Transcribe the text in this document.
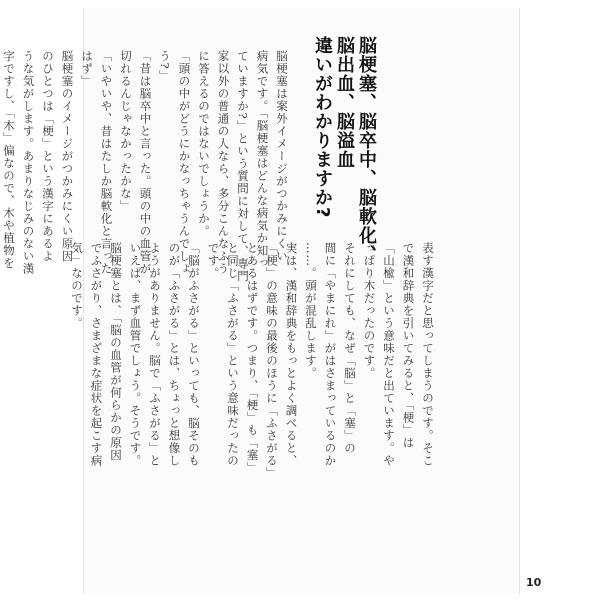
脳梗塞、脳卒中、脳軟化、
脳出血、脳溢血
違いがわかりますか?
脳梗塞は案外イメージがつかみにくい
病気です。「脳梗塞はどんな病気か知っ
ていますか?」という質問に対して、専門
家以外の普通の人なら、多分こんなふう
に答えるのではないでしょうか。
「頭の中がどうにかなっちゃうんでしょ
う?」
「昔は脳卒中と言った。頭の中の血管が
切れるんじゃなかったかな」
「いやいや、昔はたしか脳軟化と言った
はず」
脳梗塞のイメージがつかみにくい原因
のひとつは「梗」という漢字にあるよ
うな気がします。あまりなじみのない漢
字ですし、「木」偏なので、木や植物を
表す漢字だと思ってしまうのです。そこ
で漢和辞典を引いてみると、「梗」は
「山楡」という意味だと出ています。や
っぱり木だったのです。
それにしても、なぜ「脳」と「塞」の
間に「やまにれ」がはさまっているのか
……。頭が混乱します。
実は、漢和辞典をもっとよく調べると、
「梗」の意味の最後のほうに「ふさがる」
とあるはずです。つまり、「梗」も「塞」
と同じ「ふさがる」という意味だったの
です。
「脳がふさがる」といっても、脳そのも
のが「ふさがる」とは、ちょっと想像し
ようがありません。脳で「ふさがる」と
いえば、まず血管でしょう。そうです。
脳梗塞とは、「脳の血管が何らかの原因
でふさがり、さまざまな症状を起こす病
気」なのです。
10
